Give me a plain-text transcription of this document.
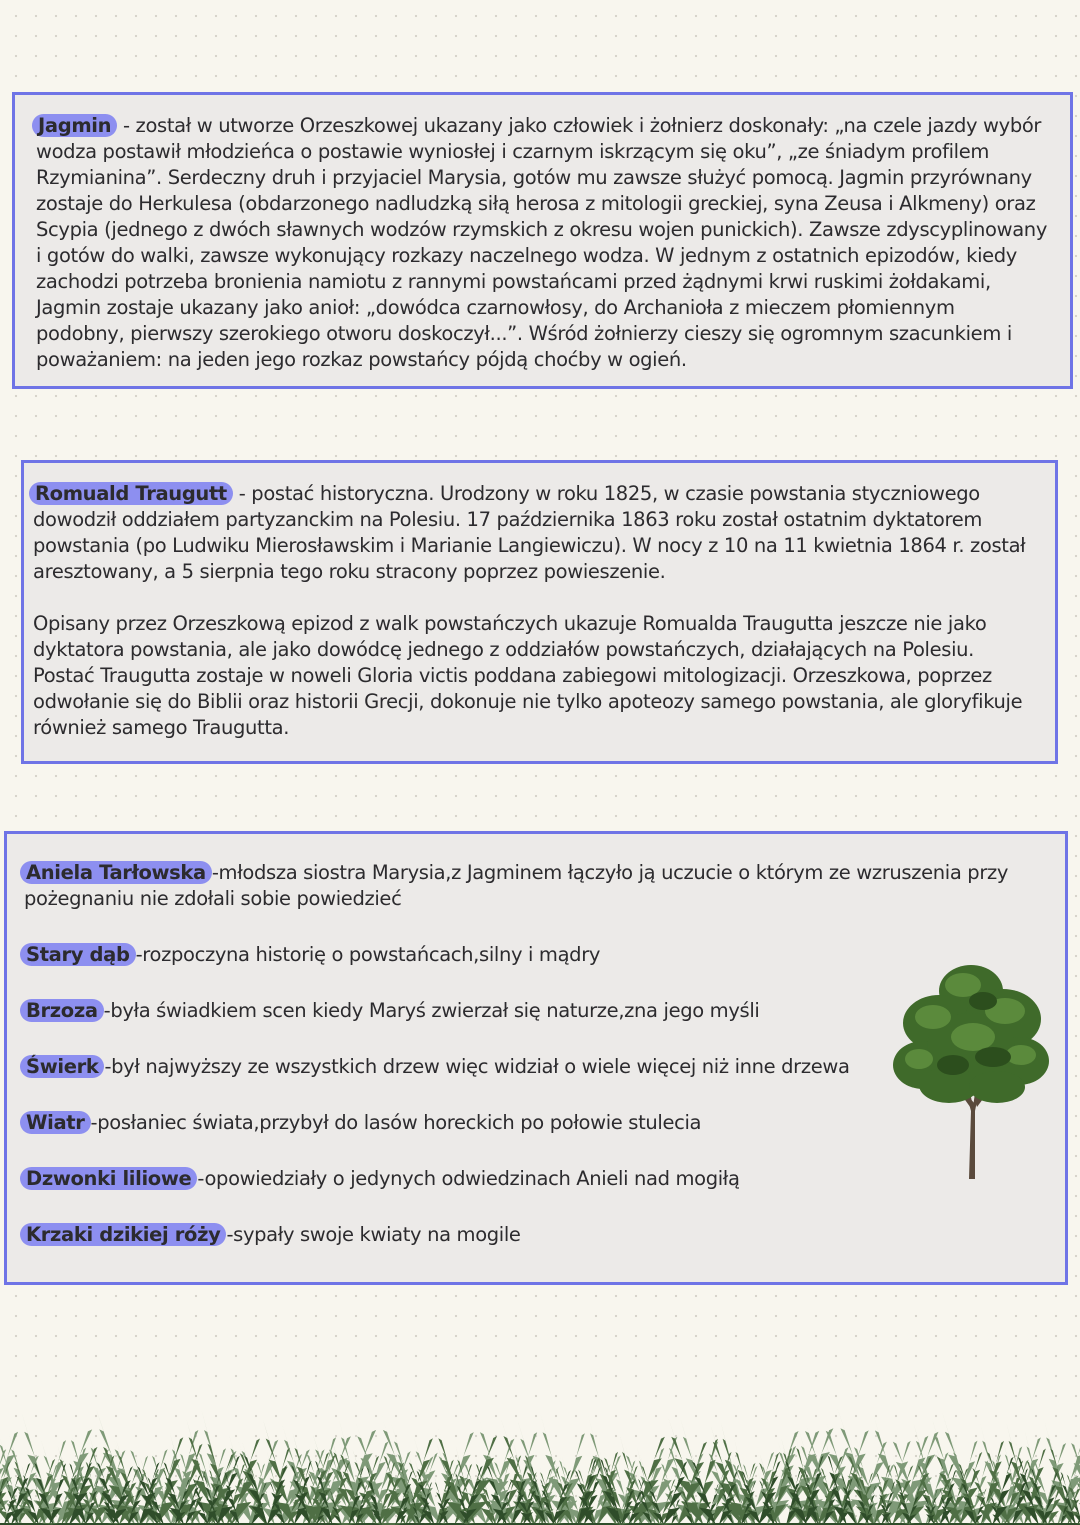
Jagmin - został w utworze Orzeszkowej ukazany jako człowiek i żołnierz doskonały: „na czele jazdy wybór wodza postawił młodzieńca o postawie wyniosłej i czarnym iskrzącym się oku”, „ze śniadym profilem Rzymianina”. Serdeczny druh i przyjaciel Marysia, gotów mu zawsze służyć pomocą. Jagmin przyrównany zostaje do Herkulesa (obdarzonego nadludzką siłą herosa z mitologii greckiej, syna Zeusa i Alkmeny) oraz Scypia (jednego z dwóch sławnych wodzów rzymskich z okresu wojen punickich). Zawsze zdyscyplinowany i gotów do walki, zawsze wykonujący rozkazy naczelnego wodza. W jednym z ostatnich epizodów, kiedy zachodzi potrzeba bronienia namiotu z rannymi powstańcami przed żądnymi krwi ruskimi żołdakami, Jagmin zostaje ukazany jako anioł: „dowódca czarnowłosy, do Archanioła z mieczem płomiennym podobny, pierwszy szerokiego otworu doskoczył...”. Wśród żołnierzy cieszy się ogromnym szacunkiem i poważaniem: na jeden jego rozkaz powstańcy pójdą choćby w ogień.

Romuald Traugutt - postać historyczna. Urodzony w roku 1825, w czasie powstania styczniowego dowodził oddziałem partyzanckim na Polesiu. 17 października 1863 roku został ostatnim dyktatorem powstania (po Ludwiku Mierosławskim i Marianie Langiewiczu). W nocy z 10 na 11 kwietnia 1864 r. został aresztowany, a 5 sierpnia tego roku stracony poprzez powieszenie.

Opisany przez Orzeszkową epizod z walk powstańczych ukazuje Romualda Traugutta jeszcze nie jako dyktatora powstania, ale jako dowódcę jednego z oddziałów powstańczych, działających na Polesiu. Postać Traugutta zostaje w noweli Gloria victis poddana zabiegowi mitologizacji. Orzeszkowa, poprzez odwołanie się do Biblii oraz historii Grecji, dokonuje nie tylko apoteozy samego powstania, ale gloryfikuje również samego Traugutta.

Aniela Tarłowska -młodsza siostra Marysia,z Jagminem łączyło ją uczucie o którym ze wzruszenia przy pożegnaniu nie zdołali sobie powiedzieć

Stary dąb -rozpoczyna historię o powstańcach,silny i mądry

Brzoza -była świadkiem scen kiedy Maryś zwierzał się naturze,zna jego myśli

Świerk -był najwyższy ze wszystkich drzew więc widział o wiele więcej niż inne drzewa

Wiatr -posłaniec świata,przybył do lasów horeckich po połowie stulecia

Dzwonki liliowe -opowiedziały o jedynych odwiedzinach Anieli nad mogiłą

Krzaki dzikiej róży -sypały swoje kwiaty na mogile
